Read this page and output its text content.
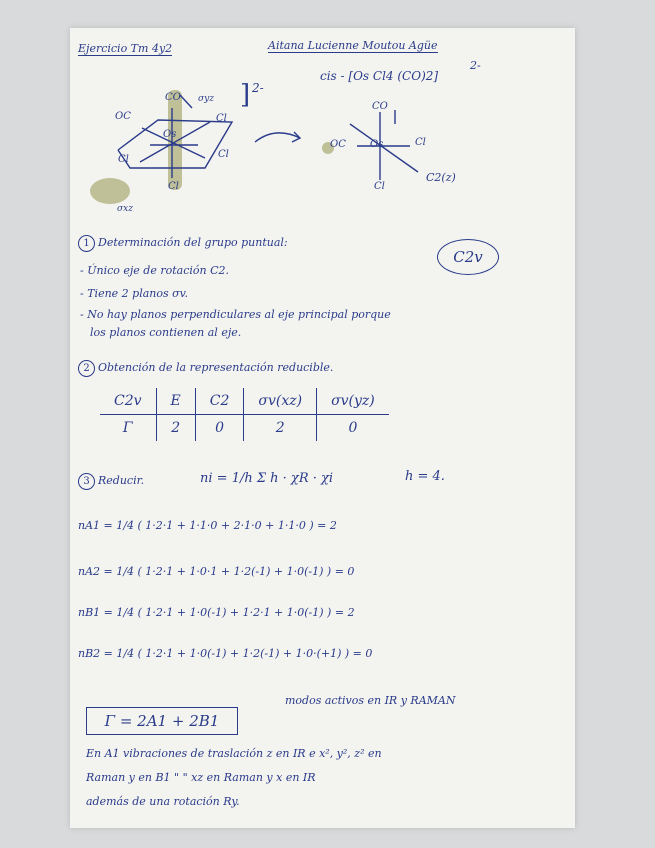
Ejercicio Tm 4y2	Aitana Lucienne Moutou Agüe
2-
]
CO
OC
Os
Cl
Cl
Cl
Cl
σyz
σxz
cis - [Os Cl4 (CO)2]
2-
CO
OC Os	Cl
Cl
C2(z)
1 Determinación del grupo puntual:
C2v
- Único eje de rotación C2.
- Tiene 2 planos σv.
- No hay planos perpendiculares al eje principal porque
los planos contienen al eje.
2 Obtención de la representación reducible.
C2v	E	C2	σv(xz)	σv(yz)
Γ	2	0	2	0
3 Reducir.	ni = 1/h Σ h · χR · χi	h = 4.
nA1 = 1/4 ( 1·2·1 + 1·1·0 + 2·1·0 + 1·1·0 ) = 2
nA2 = 1/4 ( 1·2·1 + 1·0·1 + 1·2(-1) + 1·0(-1) ) = 0
nB1 = 1/4 ( 1·2·1 + 1·0(-1) + 1·2·1 + 1·0(-1) ) = 2
nB2 = 1/4 ( 1·2·1 + 1·0(-1) + 1·2(-1) + 1·0·(+1) ) = 0
Γ = 2A1 + 2B1
modos activos en IR y RAMAN
En A1 vibraciones de traslación z en IR e x², y², z² en
Raman y en B1 " " xz en Raman y x en IR
además de una rotación Ry.
